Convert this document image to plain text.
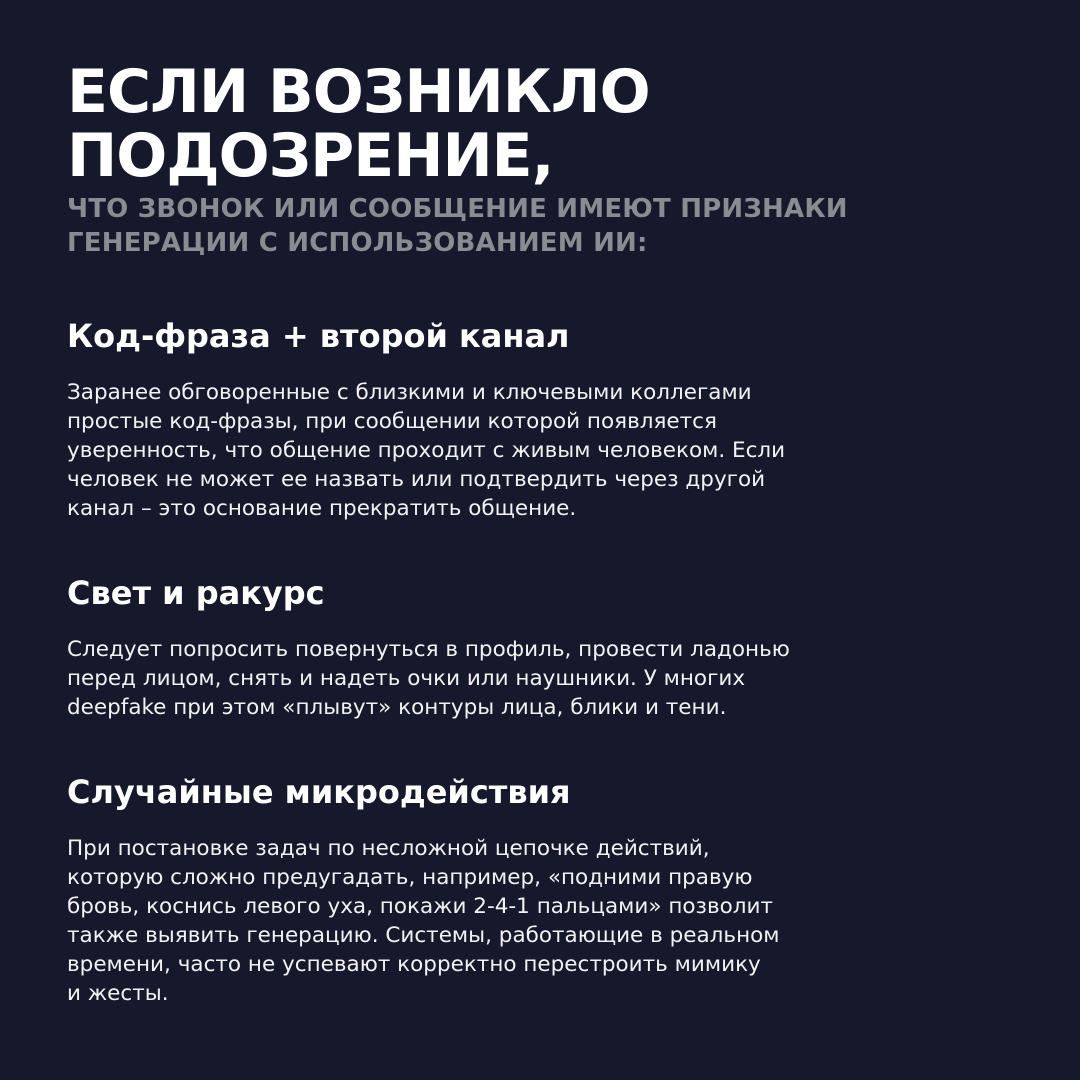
ЕСЛИ ВОЗНИКЛО
ПОДОЗРЕНИЕ,
ЧТО ЗВОНОК ИЛИ СООБЩЕНИЕ ИМЕЮТ ПРИЗНАКИ
ГЕНЕРАЦИИ С ИСПОЛЬЗОВАНИЕМ ИИ:
Код-фраза + второй канал

Заранее обговоренные с близкими и ключевыми коллегами
простые код-фразы, при сообщении которой появляется
уверенность, что общение проходит с живым человеком. Если
человек не может ее назвать или подтвердить через другой
канал – это основание прекратить общение.

Свет и ракурс

Следует попросить повернуться в профиль, провести ладонью
перед лицом, снять и надеть очки или наушники. У многих
deepfake при этом «плывут» контуры лица, блики и тени.

Случайные микродействия

При постановке задач по несложной цепочке действий,
которую сложно предугадать, например, «подними правую
бровь, коснись левого уха, покажи 2-4-1 пальцами» позволит
также выявить генерацию. Системы, работающие в реальном
времени, часто не успевают корректно перестроить мимику
и жесты.
